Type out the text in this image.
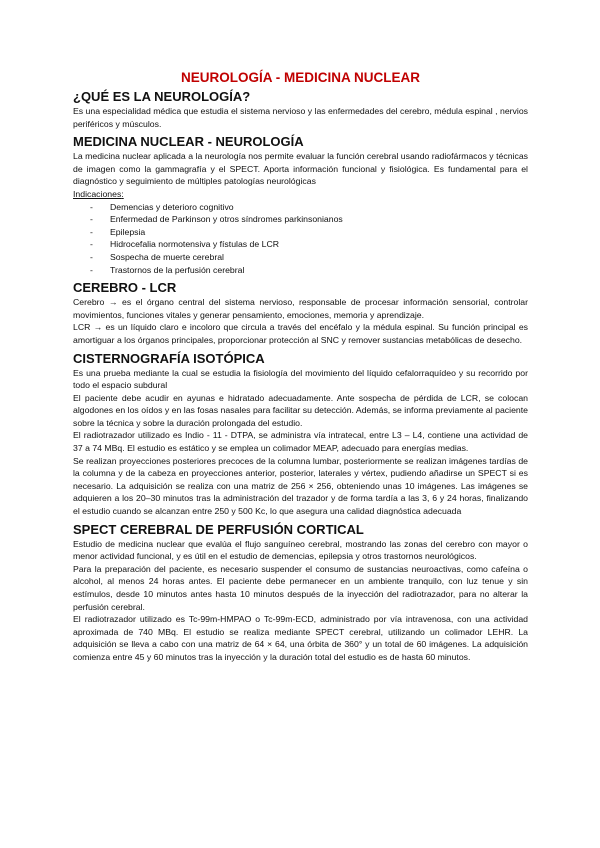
NEUROLOGÍA - MEDICINA NUCLEAR
¿QUÉ ES LA NEUROLOGÍA?

Es una especialidad médica que estudia el sistema nervioso y las enfermedades del cerebro, médula espinal , nervios periféricos y músculos.

MEDICINA NUCLEAR - NEUROLOGÍA

La medicina nuclear aplicada a la neurología nos permite evaluar la función cerebral usando radiofármacos y técnicas de imagen como la gammagrafía y el SPECT. Aporta información funcional y fisiológica. Es fundamental para el diagnóstico y seguimiento de múltiples patologías neurológicas

Indicaciones:
- Demencias y deterioro cognitivo
- Enfermedad de Parkinson y otros síndromes parkinsonianos
- Epilepsia
- Hidrocefalia normotensiva y fístulas de LCR
- Sospecha de muerte cerebral
- Trastornos de la perfusión cerebral
CEREBRO - LCR

Cerebro → es el órgano central del sistema nervioso, responsable de procesar información sensorial, controlar movimientos, funciones vitales y generar pensamiento, emociones, memoria y aprendizaje.

LCR → es un líquido claro e incoloro que circula a través del encéfalo y la médula espinal. Su función principal es amortiguar a los órganos principales, proporcionar protección al SNC y remover sustancias metabólicas de desecho.

CISTERNOGRAFÍA ISOTÓPICA

Es una prueba mediante la cual se estudia la fisiología del movimiento del líquido cefalorraquídeo y su recorrido por todo el espacio subdural

El paciente debe acudir en ayunas e hidratado adecuadamente. Ante sospecha de pérdida de LCR, se colocan algodones en los oídos y en las fosas nasales para facilitar su detección. Además, se informa previamente al paciente sobre la técnica y sobre la duración prolongada del estudio.

El radiotrazador utilizado es Indio - 11 - DTPA, se administra vía intratecal, entre L3 – L4, contiene una actividad de 37 a 74 MBq. El estudio es estático y se emplea un colimador MEAP, adecuado para energías medias.

Se realizan proyecciones posteriores precoces de la columna lumbar, posteriormente se realizan imágenes tardías de la columna y de la cabeza en proyecciones anterior, posterior, laterales y vértex, pudiendo añadirse un SPECT si es necesario. La adquisición se realiza con una matriz de 256 × 256, obteniendo unas 10 imágenes. Las imágenes se adquieren a los 20–30 minutos tras la administración del trazador y de forma tardía a las 3, 6 y 24 horas, finalizando el estudio cuando se alcanzan entre 250 y 500 Kc, lo que asegura una calidad diagnóstica adecuada

SPECT CEREBRAL DE PERFUSIÓN CORTICAL

Estudio de medicina nuclear que evalúa el flujo sanguíneo cerebral, mostrando las zonas del cerebro con mayor o menor actividad funcional, y es útil en el estudio de demencias, epilepsia y otros trastornos neurológicos.

Para la preparación del paciente, es necesario suspender el consumo de sustancias neuroactivas, como cafeína o alcohol, al menos 24 horas antes. El paciente debe permanecer en un ambiente tranquilo, con luz tenue y sin estímulos, desde 10 minutos antes hasta 10 minutos después de la inyección del radiotrazador, para no alterar la perfusión cerebral.

El radiotrazador utilizado es Tc-99m-HMPAO o Tc-99m-ECD, administrado por vía intravenosa, con una actividad aproximada de 740 MBq. El estudio se realiza mediante SPECT cerebral, utilizando un colimador LEHR. La adquisición se lleva a cabo con una matriz de 64 × 64, una órbita de 360° y un total de 60 imágenes. La adquisición comienza entre 45 y 60 minutos tras la inyección y la duración total del estudio es de hasta 60 minutos.
